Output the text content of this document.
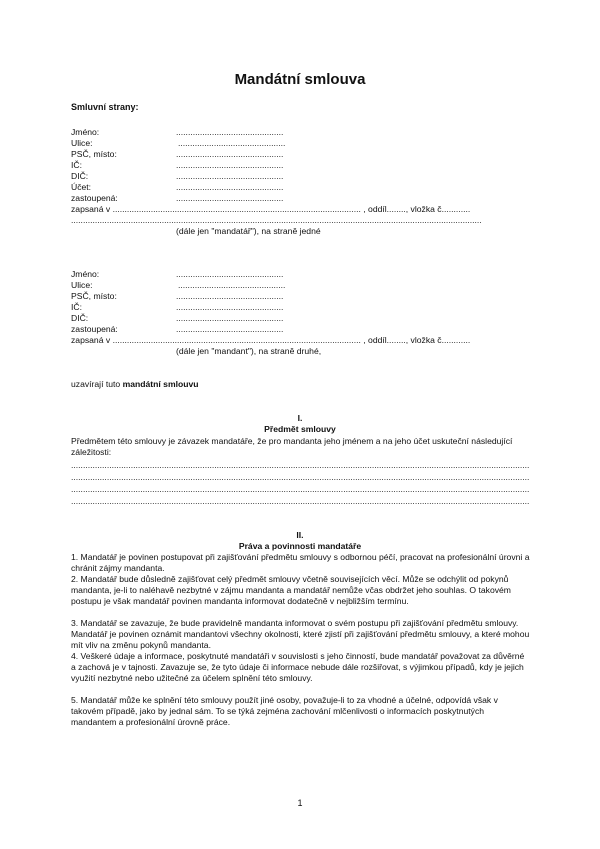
Mandátní smlouva
Smluvní strany:
Jméno:
Ulice:
PSČ, místo:
IČ:
DIČ:
Účet:
zastoupená:
.............................................
.............................................
.............................................
.............................................
.............................................
.............................................
.............................................
zapsaná v ........................................................................................................ , oddíl........, vložka č............
............................................................................................................................................................................
(dále jen "mandatář"), na straně jedné
Jméno:
Ulice:
PSČ, místo:
IČ:
DIČ:
zastoupená:
.............................................
.............................................
.............................................
.............................................
.............................................
.............................................
zapsaná v ........................................................................................................ , oddíl........, vložka č............
(dále jen "mandant"), na straně druhé,
uzavírají tuto mandátní smlouvu
I.
Předmět smlouvy
Předmětem této smlouvy je závazek mandatáře, že pro mandanta jeho jménem a na jeho účet uskuteční následující záležitosti:
................................................................................................................................................................................................
................................................................................................................................................................................................
................................................................................................................................................................................................
................................................................................................................................................................................................
II.
Práva a povinnosti mandatáře
1. Mandatář je povinen postupovat při zajišťování předmětu smlouvy s odbornou péčí, pracovat na profesionální úrovni a chránit zájmy mandanta.
2. Mandatář bude důsledně zajišťovat celý předmět smlouvy včetně souvisejících věcí. Může se odchýlit od pokynů mandanta, je-li to naléhavě nezbytné v zájmu mandanta a mandatář nemůže včas obdržet jeho souhlas. O takovém postupu je však mandatář povinen mandanta informovat dodatečně v nejbližším termínu.
3. Mandatář se zavazuje, že bude pravidelně mandanta informovat o svém postupu při zajišťování předmětu smlouvy. Mandatář je povinen oznámit mandantovi všechny okolnosti, které zjistí při zajišťování předmětu smlouvy, a které mohou mít vliv na změnu pokynů mandanta.
4. Veškeré údaje a informace, poskytnuté mandatáři v souvislosti s jeho činností, bude mandatář považovat za důvěrné a zachová je v tajnosti. Zavazuje se, že tyto údaje či informace nebude dále rozšiřovat, s výjimkou případů, kdy je jejich využití nezbytné nebo užitečné za účelem splnění této smlouvy.
5. Mandatář může ke splnění této smlouvy použít jiné osoby, považuje-li to za vhodné a účelné, odpovídá však v takovém případě, jako by jednal sám. To se týká zejména zachování mlčenlivosti o informacích poskytnutých mandantem a profesionální úrovně práce.
1
